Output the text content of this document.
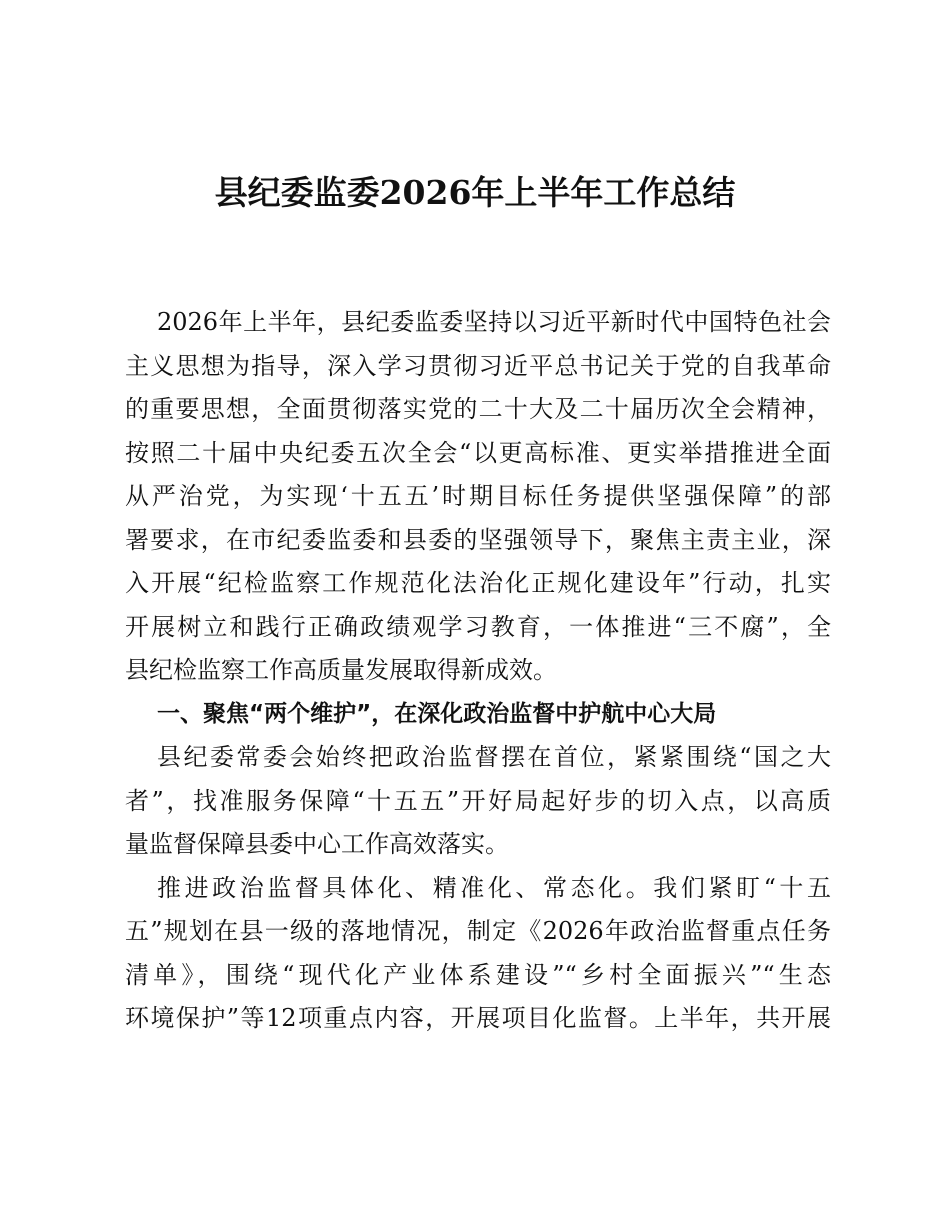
县纪委监委2026年上半年工作总结
2026年上半年，县纪委监委坚持以习近平新时代中国特色社会
主义思想为指导，深入学习贯彻习近平总书记关于党的自我革命
的重要思想，全面贯彻落实党的二十大及二十届历次全会精神，
按照二十届中央纪委五次全会“以更高标准、更实举措推进全面
从严治党，为实现‘十五五’时期目标任务提供坚强保障”的部
署要求，在市纪委监委和县委的坚强领导下，聚焦主责主业，深
入开展“纪检监察工作规范化法治化正规化建设年”行动，扎实
开展树立和践行正确政绩观学习教育，一体推进“三不腐”，全
县纪检监察工作高质量发展取得新成效。
一、聚焦“两个维护”，在深化政治监督中护航中心大局
县纪委常委会始终把政治监督摆在首位，紧紧围绕“国之大
者”，找准服务保障“十五五”开好局起好步的切入点，以高质
量监督保障县委中心工作高效落实。
推进政治监督具体化、精准化、常态化。我们紧盯“十五
五”规划在县一级的落地情况，制定《2026年政治监督重点任务
清单》，围绕“现代化产业体系建设”“乡村全面振兴”“生态
环境保护”等12项重点内容，开展项目化监督。上半年，共开展
